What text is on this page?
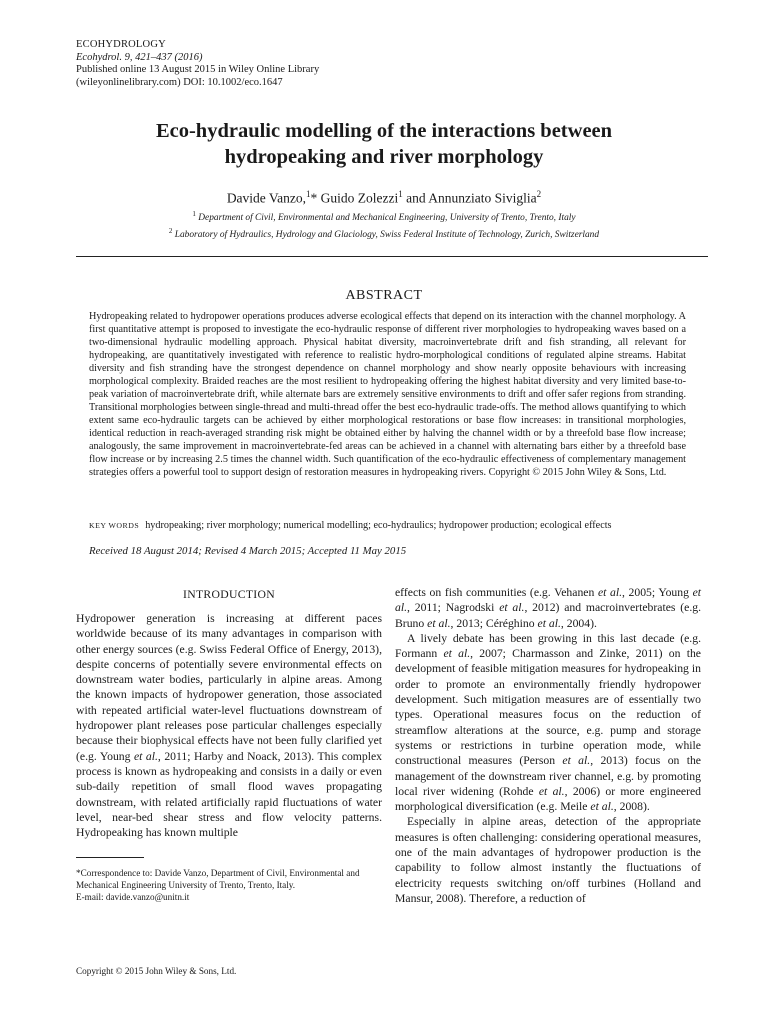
ECOHYDROLOGY
Ecohydrol. 9, 421–437 (2016)
Published online 13 August 2015 in Wiley Online Library
(wileyonlinelibrary.com) DOI: 10.1002/eco.1647
Eco-hydraulic modelling of the interactions between
hydropeaking and river morphology
Davide Vanzo,$^1$* Guido Zolezzi$^1$ and Annunziato Siviglia$^2$
$^1$ Department of Civil, Environmental and Mechanical Engineering, University of Trento, Trento, Italy
$^2$ Laboratory of Hydraulics, Hydrology and Glaciology, Swiss Federal Institute of Technology, Zurich, Switzerland
ABSTRACT
Hydropeaking related to hydropower operations produces adverse ecological effects that depend on its interaction with the channel morphology. A first quantitative attempt is proposed to investigate the eco-hydraulic response of different river morphologies to hydropeaking waves based on a two-dimensional hydraulic modelling approach. Physical habitat diversity, macroinvertebrate drift and fish stranding, all relevant for hydropeaking, are quantitatively investigated with reference to realistic hydro-morphological conditions of regulated alpine streams. Habitat diversity and fish stranding have the strongest dependence on channel morphology and show nearly opposite behaviours with increasing morphological complexity. Braided reaches are the most resilient to hydropeaking offering the highest habitat diversity and very limited base-to-peak variation of macroinvertebrate drift, while alternate bars are extremely sensitive environments to drift and offer safer regions from stranding. Transitional morphologies between single-thread and multi-thread offer the best eco-hydraulic trade-offs. The method allows quantifying to which extent same eco-hydraulic targets can be achieved by either morphological restorations or base flow increases: in transitional morphologies, identical reduction in reach-averaged stranding risk might be obtained either by halving the channel width or by a threefold base flow increase; analogously, the same improvement in macroinvertebrate-fed areas can be achieved in a channel with alternating bars either by a threefold base flow increase or by increasing 2.5 times the channel width. Such quantification of the eco-hydraulic effectiveness of complementary management strategies offers a powerful tool to support design of restoration measures in hydropeaking rivers. Copyright © 2015 John Wiley & Sons, Ltd.
KEY WORDS hydropeaking; river morphology; numerical modelling; eco-hydraulics; hydropower production; ecological effects
Received 18 August 2014; Revised 4 March 2015; Accepted 11 May 2015
INTRODUCTION

Hydropower generation is increasing at different paces worldwide because of its many advantages in comparison with other energy sources (e.g. Swiss Federal Office of Energy, 2013), despite concerns of potentially severe environmental effects on downstream water bodies, particularly in alpine areas. Among the known impacts of hydropower generation, those associated with repeated artificial water-level fluctuations downstream of hydropower plant releases pose particular challenges especially because their biophysical effects have not been fully clarified yet (e.g. Young et al., 2011; Harby and Noack, 2013). This complex process is known as hydropeaking and consists in a daily or even sub-daily repetition of small flood waves propagating downstream, with related artificially rapid fluctuations of water level, near-bed shear stress and flow velocity patterns. Hydropeaking has known multiple

effects on fish communities (e.g. Vehanen et al., 2005; Young et al., 2011; Nagrodski et al., 2012) and macroinvertebrates (e.g. Bruno et al., 2013; Céréghino et al., 2004).

A lively debate has been growing in this last decade (e.g. Formann et al., 2007; Charmasson and Zinke, 2011) on the development of feasible mitigation measures for hydropeaking in order to promote an environmentally friendly hydropower development. Such mitigation measures are of essentially two types. Operational measures focus on the reduction of streamflow alterations at the source, e.g. pump and storage systems or restrictions in turbine operation mode, while constructional measures (Person et al., 2013) focus on the management of the downstream river channel, e.g. by promoting local river widening (Rohde et al., 2006) or more engineered morphological diversification (e.g. Meile et al., 2008).

Especially in alpine areas, detection of the appropriate measures is often challenging: considering operational measures, one of the main advantages of hydropower production is the capability to follow almost instantly the fluctuations of electricity requests switching on/off turbines (Holland and Mansur, 2008). Therefore, a reduction of

*Correspondence to: Davide Vanzo, Department of Civil, Environmental and Mechanical Engineering University of Trento, Trento, Italy.
E-mail: davide.vanzo@unitn.it
Copyright © 2015 John Wiley & Sons, Ltd.
